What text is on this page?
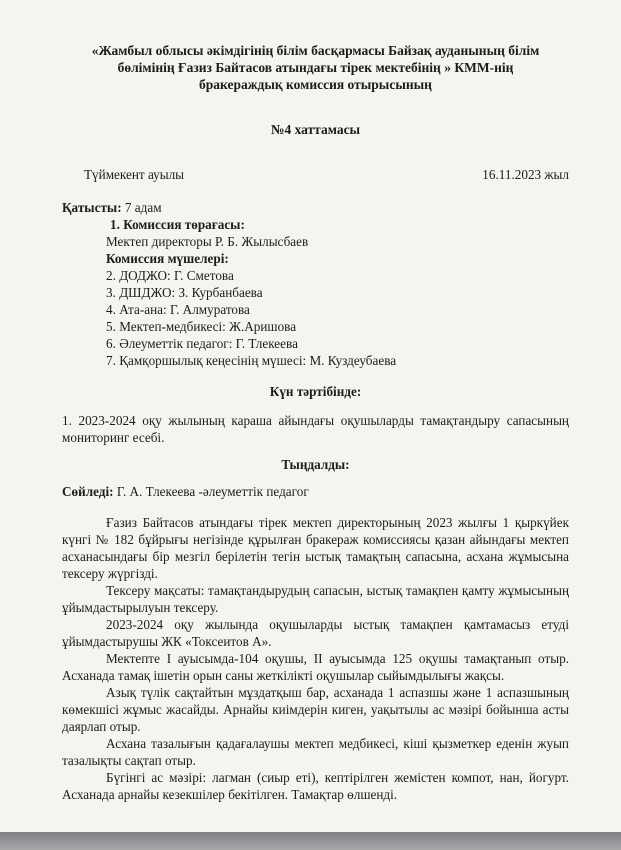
«Жамбыл облысы әкімдігінің білім басқармасы Байзақ ауданының білім

бөлімінің Ғазиз Байтасов атындағы тірек мектебінің » КММ-нің

бракераждық комиссия отырысының

№4 хаттамасы
Түймекент ауылы	16.11.2023 жыл
Қатысты: 7 адам
1. Комиссия төрағасы:
Мектеп директоры Р. Б. Жылысбаев
Комиссия мүшелері:
2. ДОДЖО: Г. Сметова
3. ДШДЖО: З. Курбанбаева
4. Ата-ана: Г. Алмуратова
5. Мектеп-медбикесі: Ж.Аришова
6. Әлеуметтік педагог: Г. Тлекеева
7. Қамқоршылық кеңесінің мүшесі: М. Куздеубаева
Күн тәртібінде:
1. 2023-2024 оқу жылының караша айындағы оқушыларды тамақтандыру сапасының мониторинг есебі.
Тыңдалды:
Сөйледі: Г. А. Тлекеева -әлеуметтік педагог
Ғазиз Байтасов атындағы тірек мектеп директорының 2023 жылғы 1 қыркүйек күнгі № 182 бұйрығы негізінде құрылған бракераж комиссиясы қазан айындағы мектеп асханасындағы бір мезгіл берілетін тегін ыстық тамақтың сапасына, асхана жұмысына тексеру жүргізді.
Тексеру мақсаты: тамақтандырудың сапасын, ыстық тамақпен қамту жұмысының ұйымдастырылуын тексеру.
2023-2024 оқу жылында оқушыларды ыстық тамақпен қамтамасыз етуді ұйымдастырушы ЖК «Токсеитов А».
Мектепте I ауысымда-104 оқушы, II ауысымда 125 оқушы тамақтанып отыр. Асханада тамақ ішетін орын саны жеткілікті оқушылар сыйымдылығы жақсы.
Азық түлік сақтайтын мұздатқыш бар, асханада 1 аспазшы және 1 аспазшының көмекшісі жұмыс жасайды. Арнайы киімдерін киген, уақытылы ас мәзірі бойынша асты даярлап отыр.
Асхана тазалығын қадағалаушы мектеп медбикесі, кіші қызметкер еденін жуып тазалықты сақтап отыр.
Бүгінгі ас мәзірі: лагман (сиыр еті), кептірілген жемістен компот, нан, йогурт. Асханада арнайы кезекшілер бекітілген. Тамақтар өлшенді.
